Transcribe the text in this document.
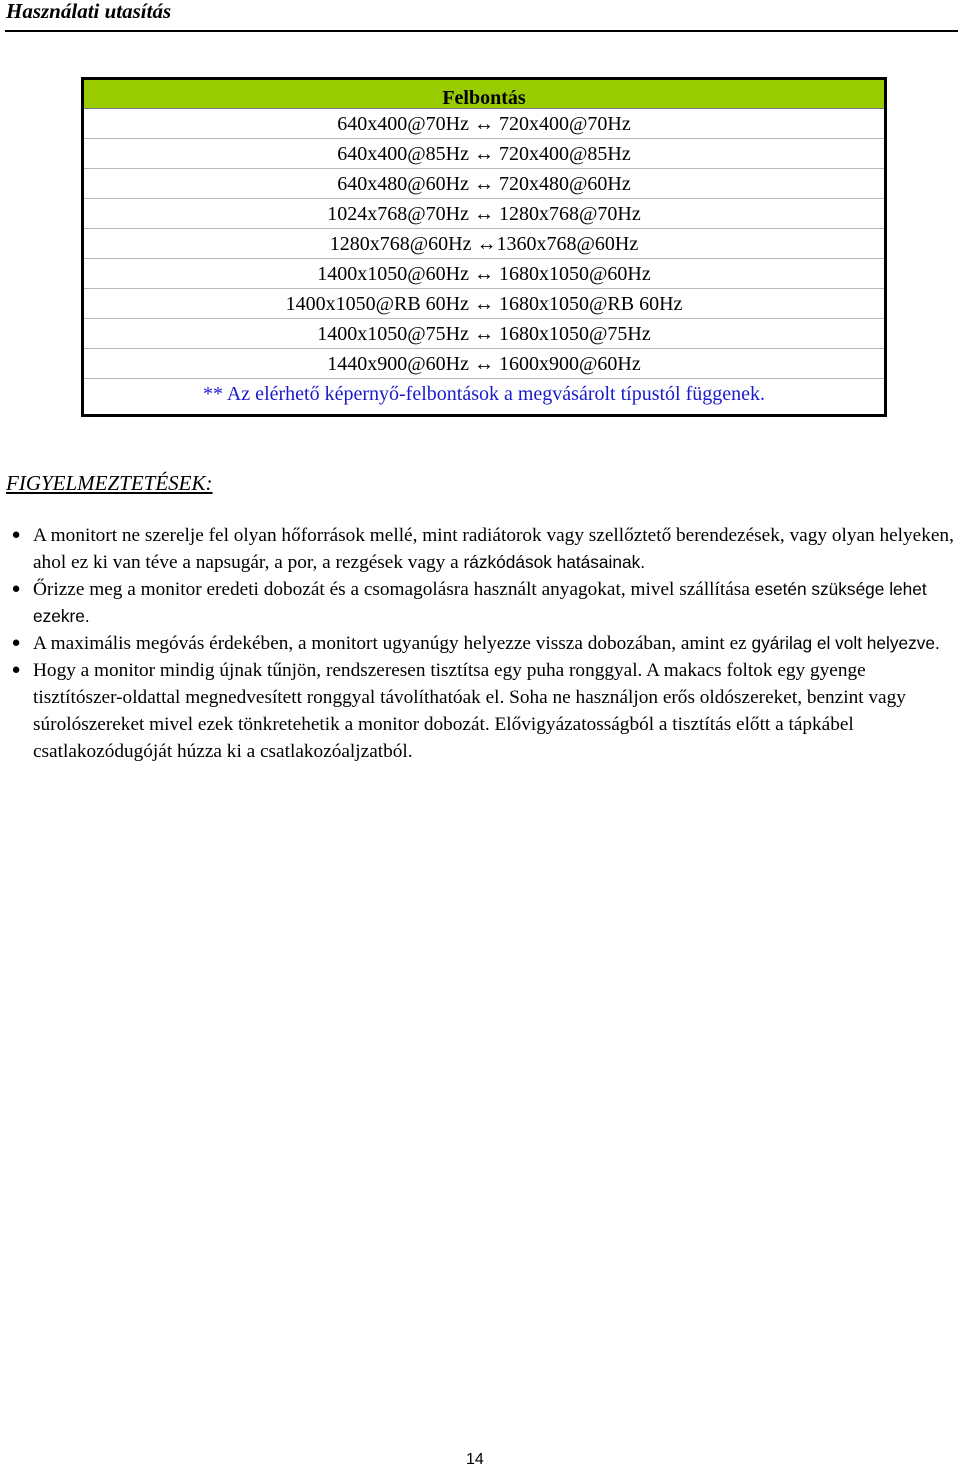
Használati utasítás
Felbontás
640x400@70Hz ↔ 720x400@70Hz
640x400@85Hz ↔ 720x400@85Hz
640x480@60Hz ↔ 720x480@60Hz
1024x768@70Hz ↔ 1280x768@70Hz
1280x768@60Hz ↔1360x768@60Hz
1400x1050@60Hz ↔ 1680x1050@60Hz
1400x1050@RB 60Hz ↔ 1680x1050@RB 60Hz
1400x1050@75Hz ↔ 1680x1050@75Hz
1440x900@60Hz ↔ 1600x900@60Hz
** Az elérhető képernyő-felbontások a megvásárolt típustól függenek.
FIGYELMEZTETÉSEK:
● A monitort ne szerelje fel olyan hőforrások mellé, mint radiátorok vagy szellőztető berendezések, vagy olyan helyeken, ahol ez ki van téve a napsugár, a por, a rezgések vagy a rázkódások hatásainak.
● Őrizze meg a monitor eredeti dobozát és a csomagolásra használt anyagokat, mivel szállítása esetén szüksége lehet ezekre.
● A maximális megóvás érdekében, a monitort ugyanúgy helyezze vissza dobozában, amint ez gyárilag el volt helyezve.
● Hogy a monitor mindig újnak tűnjön, rendszeresen tisztítsa egy puha ronggyal. A makacs foltok egy gyenge tisztítószer-oldattal megnedvesített ronggyal távolíthatóak el. Soha ne használjon erős oldószereket, benzint vagy súrolószereket mivel ezek tönkretehetik a monitor dobozát. Elővigyázatosságból a tisztítás előtt a tápkábel csatlakozódugóját húzza ki a csatlakozóaljzatból.
14
